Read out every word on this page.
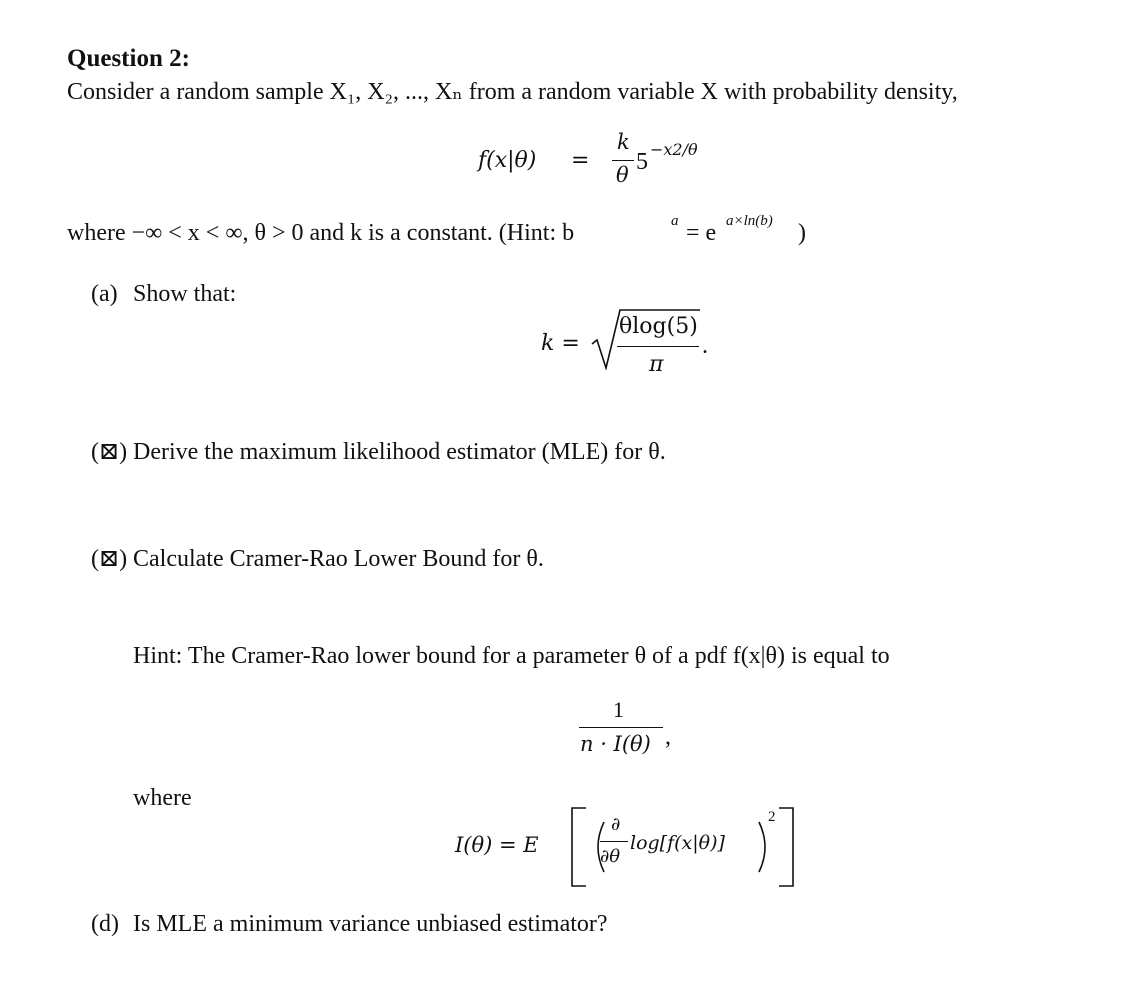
Question 2:
Consider a random sample X₁, X₂, ..., Xₙ from a random variable X with probability density,
f(x|θ) =
k
θ 5 −x2/θ
where −∞ < x < ∞, θ > 0 and k is a constant. (Hint: b	a = e a×ln(b) )
(a) Show that:
k =
θlog(5)
π
.
(⊠) Derive the maximum likelihood estimator (MLE) for θ.
(⊠) Calculate Cramer-Rao Lower Bound for θ.
Hint: The Cramer-Rao lower bound for a parameter θ of a pdf f(x|θ) is equal to
1
n · I(θ) ,
where
I(θ) = E
∂
∂θ
log[f(x|θ)]
2
(d) Is MLE a minimum variance unbiased estimator?
